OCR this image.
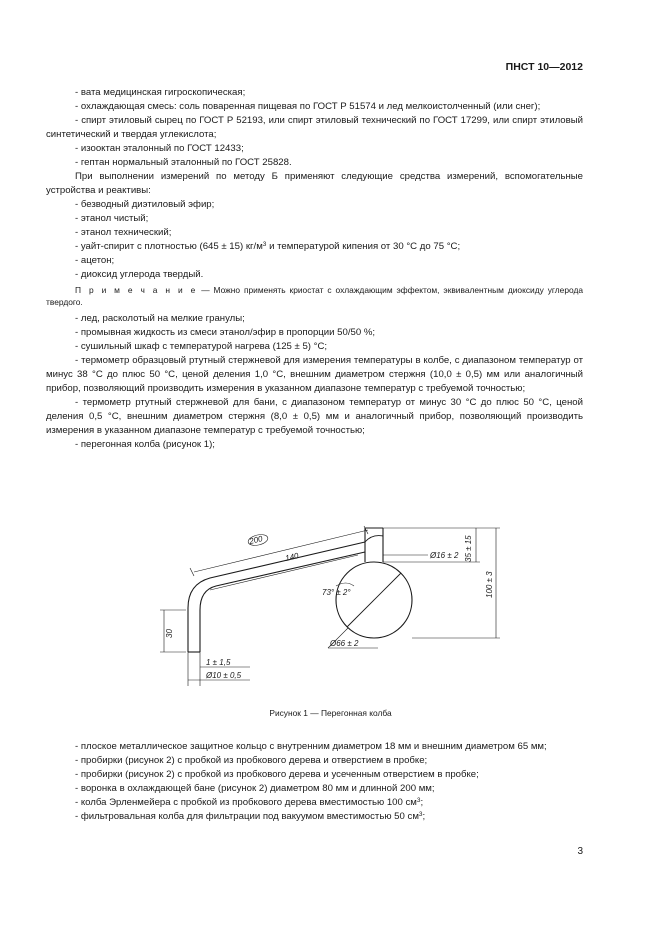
ПНСТ 10—2012

- вата медицинская гигроскопическая;

- охлаждающая смесь: соль поваренная пищевая по ГОСТ Р 51574 и лед мелкоистолченный (или снег);

- спирт этиловый сырец по ГОСТ Р 52193, или спирт этиловый технический по ГОСТ 17299, или спирт этиловый синтетический и твердая углекислота;

- изооктан эталонный по ГОСТ 12433;

- гептан нормальный эталонный по ГОСТ 25828.

При выполнении измерений по методу Б применяют следующие средства измерений, вспомогательные устройства и реактивы:

- безводный диэтиловый эфир;

- этанол чистый;

- этанол технический;

- уайт-спирит с плотностью (645 ± 15) $кг/м^3$ и температурой кипения от 30 °С до 75 °С;

- ацетон;

- диоксид углерода твердый.

П р и м е ч а н и е — Можно применять криостат с охлаждающим эффектом, эквивалентным диоксиду углерода твердого.

- лед, расколотый на мелкие гранулы;

- промывная жидкость из смеси этанол/эфир в пропорции 50/50 %;

- сушильный шкаф с температурой нагрева (125 ± 5) °С;

- термометр образцовый ртутный стержневой для измерения температуры в колбе, с диапазоном температур от минус 38 °С до плюс 50 °С, ценой деления 1,0 °С, внешним диаметром стержня (10,0 ± 0,5) мм или аналогичный прибор, позволяющий производить измерения в указанном диапазоне температур с требуемой точностью;

- термометр ртутный стержневой для бани, с диапазоном температур от минус 30 °С до плюс 50 °С, ценой деления 0,5 °С, внешним диаметром стержня (8,0 ± 0,5) мм и аналогичный прибор, позволяющий производить измерения в указанном диапазоне температур с требуемой точностью;

- перегонная колба (рисунок 1);

200
140	Ø16 ± 2 35 ± 15
100 ± 3
73° ± 2°
Ø66 ± 2
30
1 ± 1,5
Ø10 ± 0,5
Рисунок 1 — Перегонная колба

- плоское металлическое защитное кольцо с внутренним диаметром 18 мм и внешним диаметром 65 мм;

- пробирки (рисунок 2) с пробкой из пробкового дерева и отверстием в пробке;

- пробирки (рисунок 2) с пробкой из пробкового дерева и усеченным отверстием в пробке;

- воронка в охлаждающей бане (рисунок 2) диаметром 80 мм и длинной 200 мм;

- колба Эрленмейера с пробкой из пробкового дерева вместимостью 100 $см^3$;

- фильтровальная колба для фильтрации под вакуумом вместимостью 50 $см^3$;

3
